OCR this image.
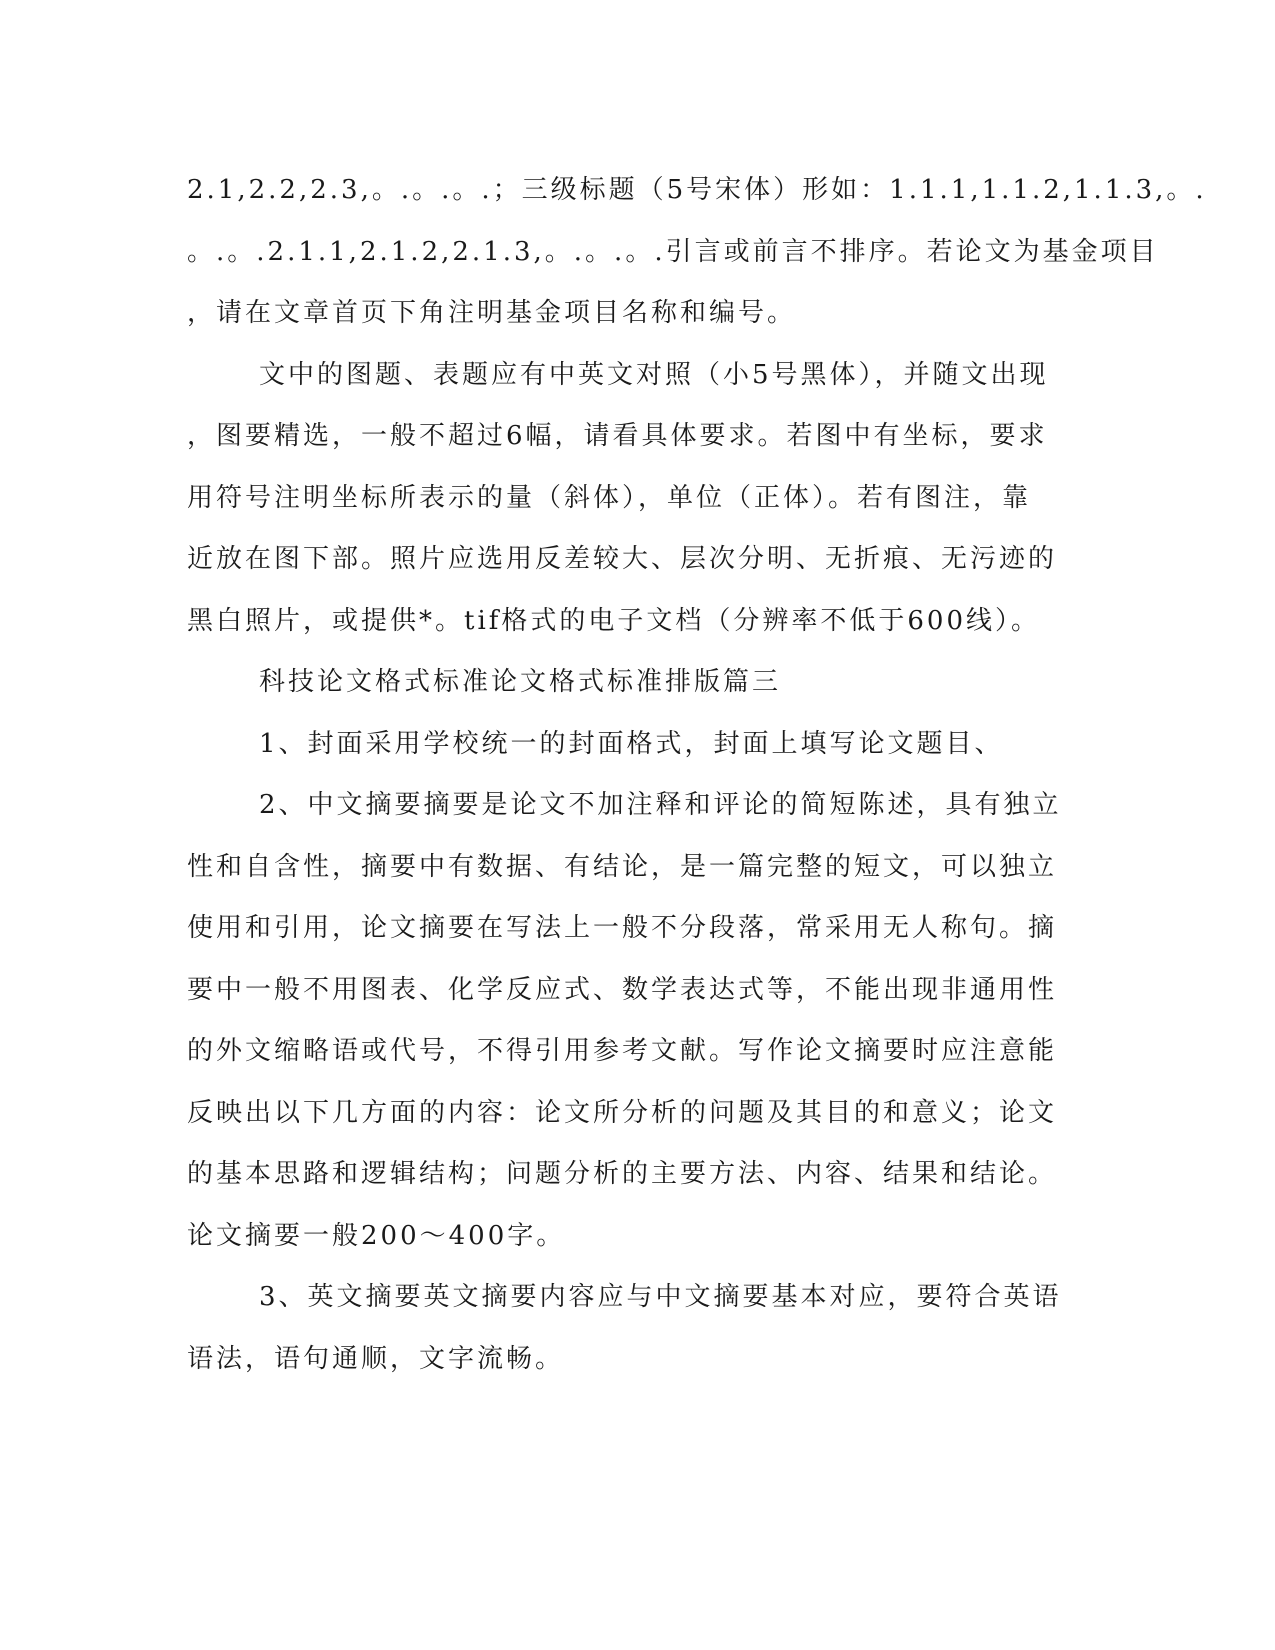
2.1,2.2,2.3,。.。.。.；三级标题（5号宋体）形如：1.1.1,1.1.2,1.1.3,。.
。.。.2.1.1,2.1.2,2.1.3,。.。.。.引言或前言不排序。若论文为基金项目
，请在文章首页下角注明基金项目名称和编号。
文中的图题、表题应有中英文对照（小5号黑体），并随文出现
，图要精选，一般不超过6幅，请看具体要求。若图中有坐标，要求
用符号注明坐标所表示的量（斜体），单位（正体）。若有图注，靠
近放在图下部。照片应选用反差较大、层次分明、无折痕、无污迹的
黑白照片，或提供*。tif格式的电子文档（分辨率不低于600线）。
科技论文格式标准论文格式标准排版篇三
1、封面采用学校统一的封面格式，封面上填写论文题目、
2、中文摘要摘要是论文不加注释和评论的简短陈述，具有独立
性和自含性，摘要中有数据、有结论，是一篇完整的短文，可以独立
使用和引用，论文摘要在写法上一般不分段落，常采用无人称句。摘
要中一般不用图表、化学反应式、数学表达式等，不能出现非通用性
的外文缩略语或代号，不得引用参考文献。写作论文摘要时应注意能
反映出以下几方面的内容：论文所分析的问题及其目的和意义；论文
的基本思路和逻辑结构；问题分析的主要方法、内容、结果和结论。
论文摘要一般200～400字。
3、英文摘要英文摘要内容应与中文摘要基本对应，要符合英语
语法，语句通顺，文字流畅。
